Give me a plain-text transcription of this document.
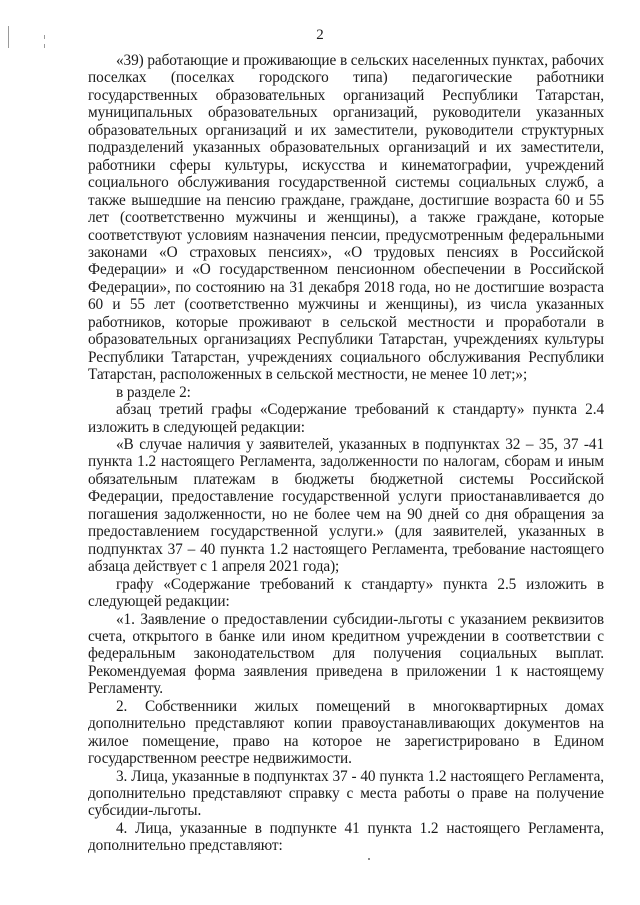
2

«39) работающие и проживающие в сельских населенных пунктах, рабочих поселках (поселках городского типа) педагогические работники государственных образовательных организаций Республики Татарстан, муниципальных образовательных организаций, руководители указанных образовательных организаций и их заместители, руководители структурных подразделений указанных образовательных организаций и их заместители, работники сферы культуры, искусства и кинематографии, учреждений социального обслуживания государственной системы социальных служб, а также вышедшие на пенсию граждане, граждане, достигшие возраста 60 и 55 лет (соответственно мужчины и женщины), а также граждане, которые соответствуют условиям назначения пенсии, предусмотренным федеральными законами «О страховых пенсиях», «О трудовых пенсиях в Российской Федерации» и «О государственном пенсионном обеспечении в Российской Федерации», по состоянию на 31 декабря 2018 года, но не достигшие возраста 60 и 55 лет (соответственно мужчины и женщины), из числа указанных работников, которые проживают в сельской местности и проработали в образовательных организациях Республики Татарстан, учреждениях культуры Республики Татарстан, учреждениях социального обслуживания Республики Татарстан, расположенных в сельской местности, не менее 10 лет;»;

в разделе 2:

абзац третий графы «Содержание требований к стандарту» пункта 2.4 изложить в следующей редакции:

«В случае наличия у заявителей, указанных в подпунктах 32 – 35, 37 -41 пункта 1.2 настоящего Регламента, задолженности по налогам, сборам и иным обязательным платежам в бюджеты бюджетной системы Российской Федерации, предоставление государственной услуги приостанавливается до погашения задолженности, но не более чем на 90 дней со дня обращения за предоставлением государственной услуги.» (для заявителей, указанных в подпунктах 37 – 40 пункта 1.2 настоящего Регламента, требование настоящего абзаца действует с 1 апреля 2021 года);

графу «Содержание требований к стандарту» пункта 2.5 изложить в следующей редакции:

«1. Заявление о предоставлении субсидии-льготы с указанием реквизитов счета, открытого в банке или ином кредитном учреждении в соответствии с федеральным законодательством для получения социальных выплат. Рекомендуемая форма заявления приведена в приложении 1 к настоящему Регламенту.

2. Собственники жилых помещений в многоквартирных домах дополнительно представляют копии правоустанавливающих документов на жилое помещение, право на которое не зарегистрировано в Едином государственном реестре недвижимости.

3. Лица, указанные в подпунктах 37 - 40 пункта 1.2 настоящего Регламента, дополнительно представляют справку с места работы о праве на получение субсидии-льготы.

4. Лица, указанные в подпункте 41 пункта 1.2 настоящего Регламента, дополнительно представляют:
